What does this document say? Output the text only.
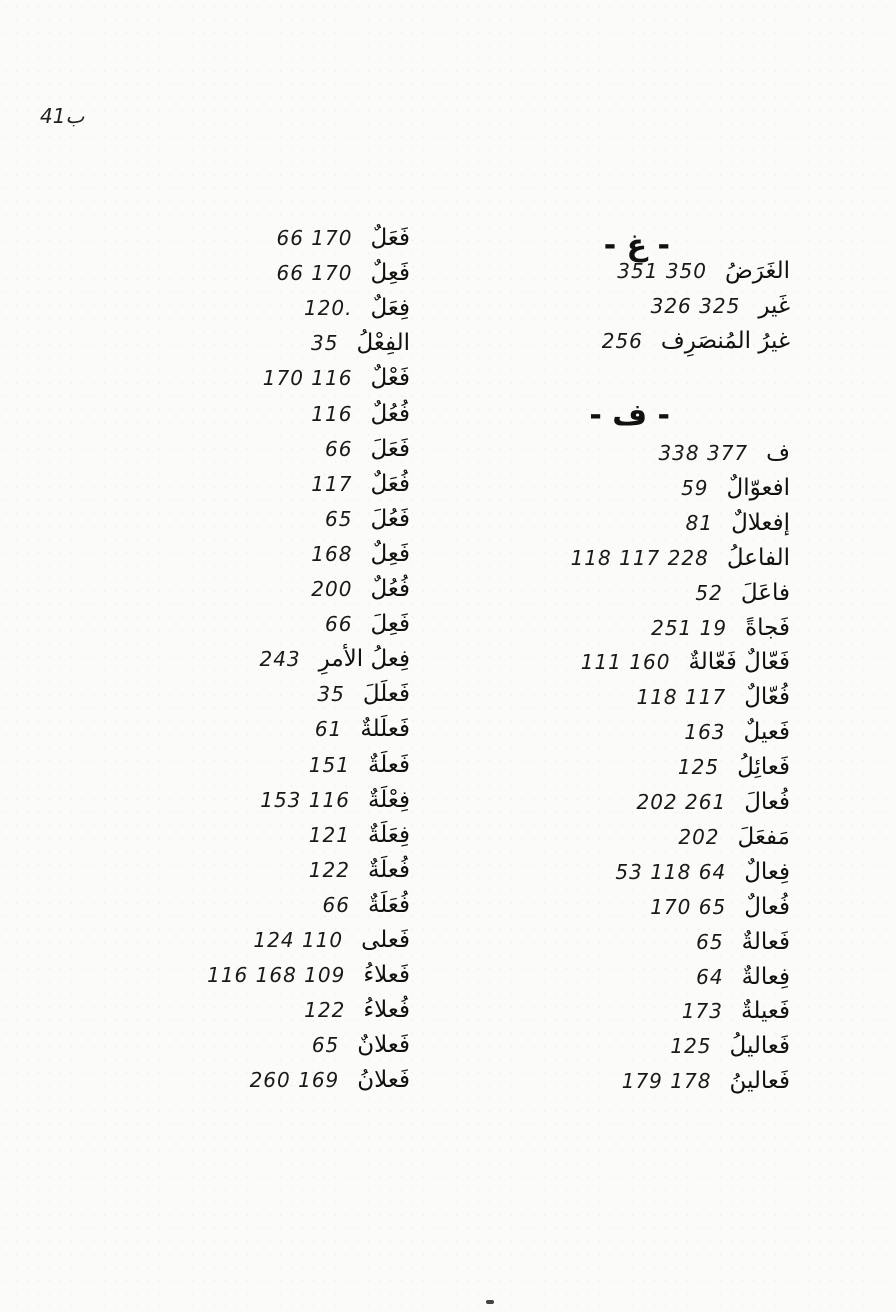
41ب
- غ -
الغَرَضُ
351 350
غَير
326 325
غيرُ المُنصَرِف
256
- ف -
ف
338 377
افعوّالٌ
59
إفعلالٌ
81
الفاعلُ
118 117 228
فاعَلَ
52
فَجاةً
251 19
فَعّالٌ فَعّالةٌ
111 160
فُعّالٌ
118 117
فَعيلٌ
163
فَعائِلُ
125
فُعالَ
202 261
مَفعَلَ
202
فِعالٌ
53 118 64
فُعالٌ
170 65
فَعالةٌ
65
فِعالةٌ
64
فَعيلةٌ
173
فَعاليلُ
125
فَعالينُ
179 178
فَعَلٌ
66 170
فَعِلٌ
66 170
فِعَلٌ
120.
الفِعْلُ
35
فَعْلٌ
170 116
فُعُلٌ
116
فَعَلَ
66
فُعَلٌ
117
فَعُلَ
65
فَعِلٌ
168
فُعُلٌ
200
فَعِلَ
66
فِعلُ الأمرِ
243
فَعلَلَ
35
فَعلَلةٌ
61
فَعلَةٌ
151
فِعْلَةٌ
153 116
فِعَلَةٌ
121
فُعلَةٌ
122
فُعَلَةٌ
66
فَعلى
124 110
فَعلاءُ
116 168 109
فُعلاءُ
122
فَعلانٌ
65
فَعلانُ
260 169
